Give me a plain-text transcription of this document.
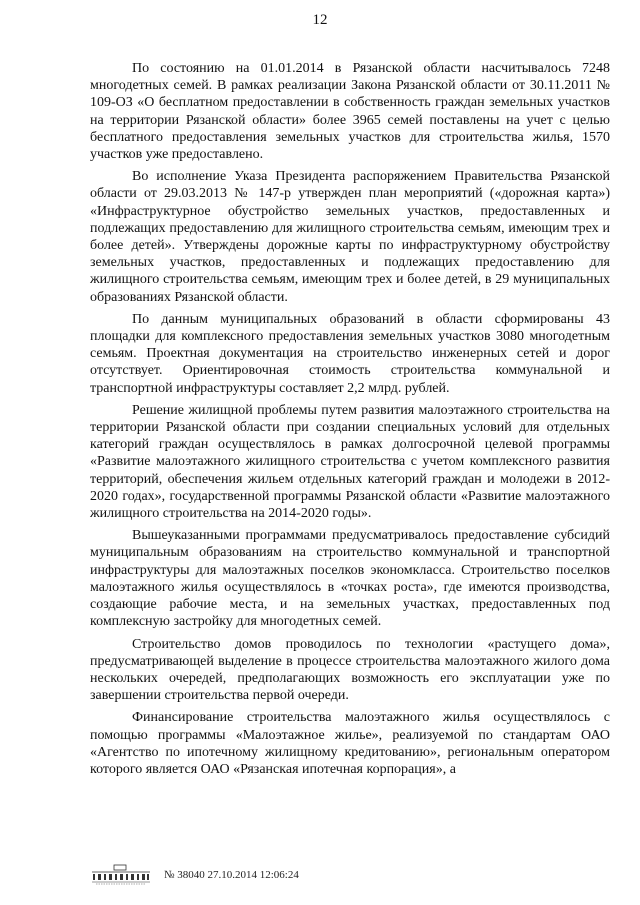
12

По состоянию на 01.01.2014 в Рязанской области насчитывалось 7248 многодетных семей. В рамках реализации Закона Рязанской области от 30.11.2011 № 109-ОЗ «О бесплатном предоставлении в собственность граждан земельных участков на территории Рязанской области» более 3965 семей поставлены на учет с целью бесплатного предоставления земельных участков для строительства жилья, 1570 участков уже предоставлено.

Во исполнение Указа Президента распоряжением Правительства Рязанской области от 29.03.2013 № 147-р утвержден план мероприятий («дорожная карта») «Инфраструктурное обустройство земельных участков, предоставленных и подлежащих предоставлению для жилищного строительства семьям, имеющим трех и более детей». Утверждены дорожные карты по инфраструктурному обустройству земельных участков, предоставленных и подлежащих предоставлению для жилищного строительства семьям, имеющим трех и более детей, в 29 муниципальных образованиях Рязанской области.

По данным муниципальных образований в области сформированы 43 площадки для комплексного предоставления земельных участков 3080 многодетным семьям. Проектная документация на строительство инженерных сетей и дорог отсутствует. Ориентировочная стоимость строительства коммунальной и транспортной инфраструктуры составляет 2,2 млрд. рублей.

Решение жилищной проблемы путем развития малоэтажного строительства на территории Рязанской области при создании специальных условий для отдельных категорий граждан осуществлялось в рамках долгосрочной целевой программы «Развитие малоэтажного жилищного строительства с учетом комплексного развития территорий, обеспечения жильем отдельных категорий граждан и молодежи в 2012-2020 годах», государственной программы Рязанской области «Развитие малоэтажного жилищного строительства на 2014-2020 годы».

Вышеуказанными программами предусматривалось предоставление субсидий муниципальным образованиям на строительство коммунальной и транспортной инфраструктуры для малоэтажных поселков экономкласса. Строительство поселков малоэтажного жилья осуществлялось в «точках роста», где имеются производства, создающие рабочие места, и на земельных участках, предоставленных под комплексную застройку для многодетных семей.

Строительство домов проводилось по технологии «растущего дома», предусматривающей выделение в процессе строительства малоэтажного жилого дома нескольких очередей, предполагающих возможность его эксплуатации уже по завершении строительства первой очереди.

Финансирование строительства малоэтажного жилья осуществлялось с помощью программы «Малоэтажное жилье», реализуемой по стандартам ОАО «Агентство по ипотечному жилищному кредитованию», региональным оператором которого является ОАО «Рязанская ипотечная корпорация», а

№ 38040 27.10.2014 12:06:24
